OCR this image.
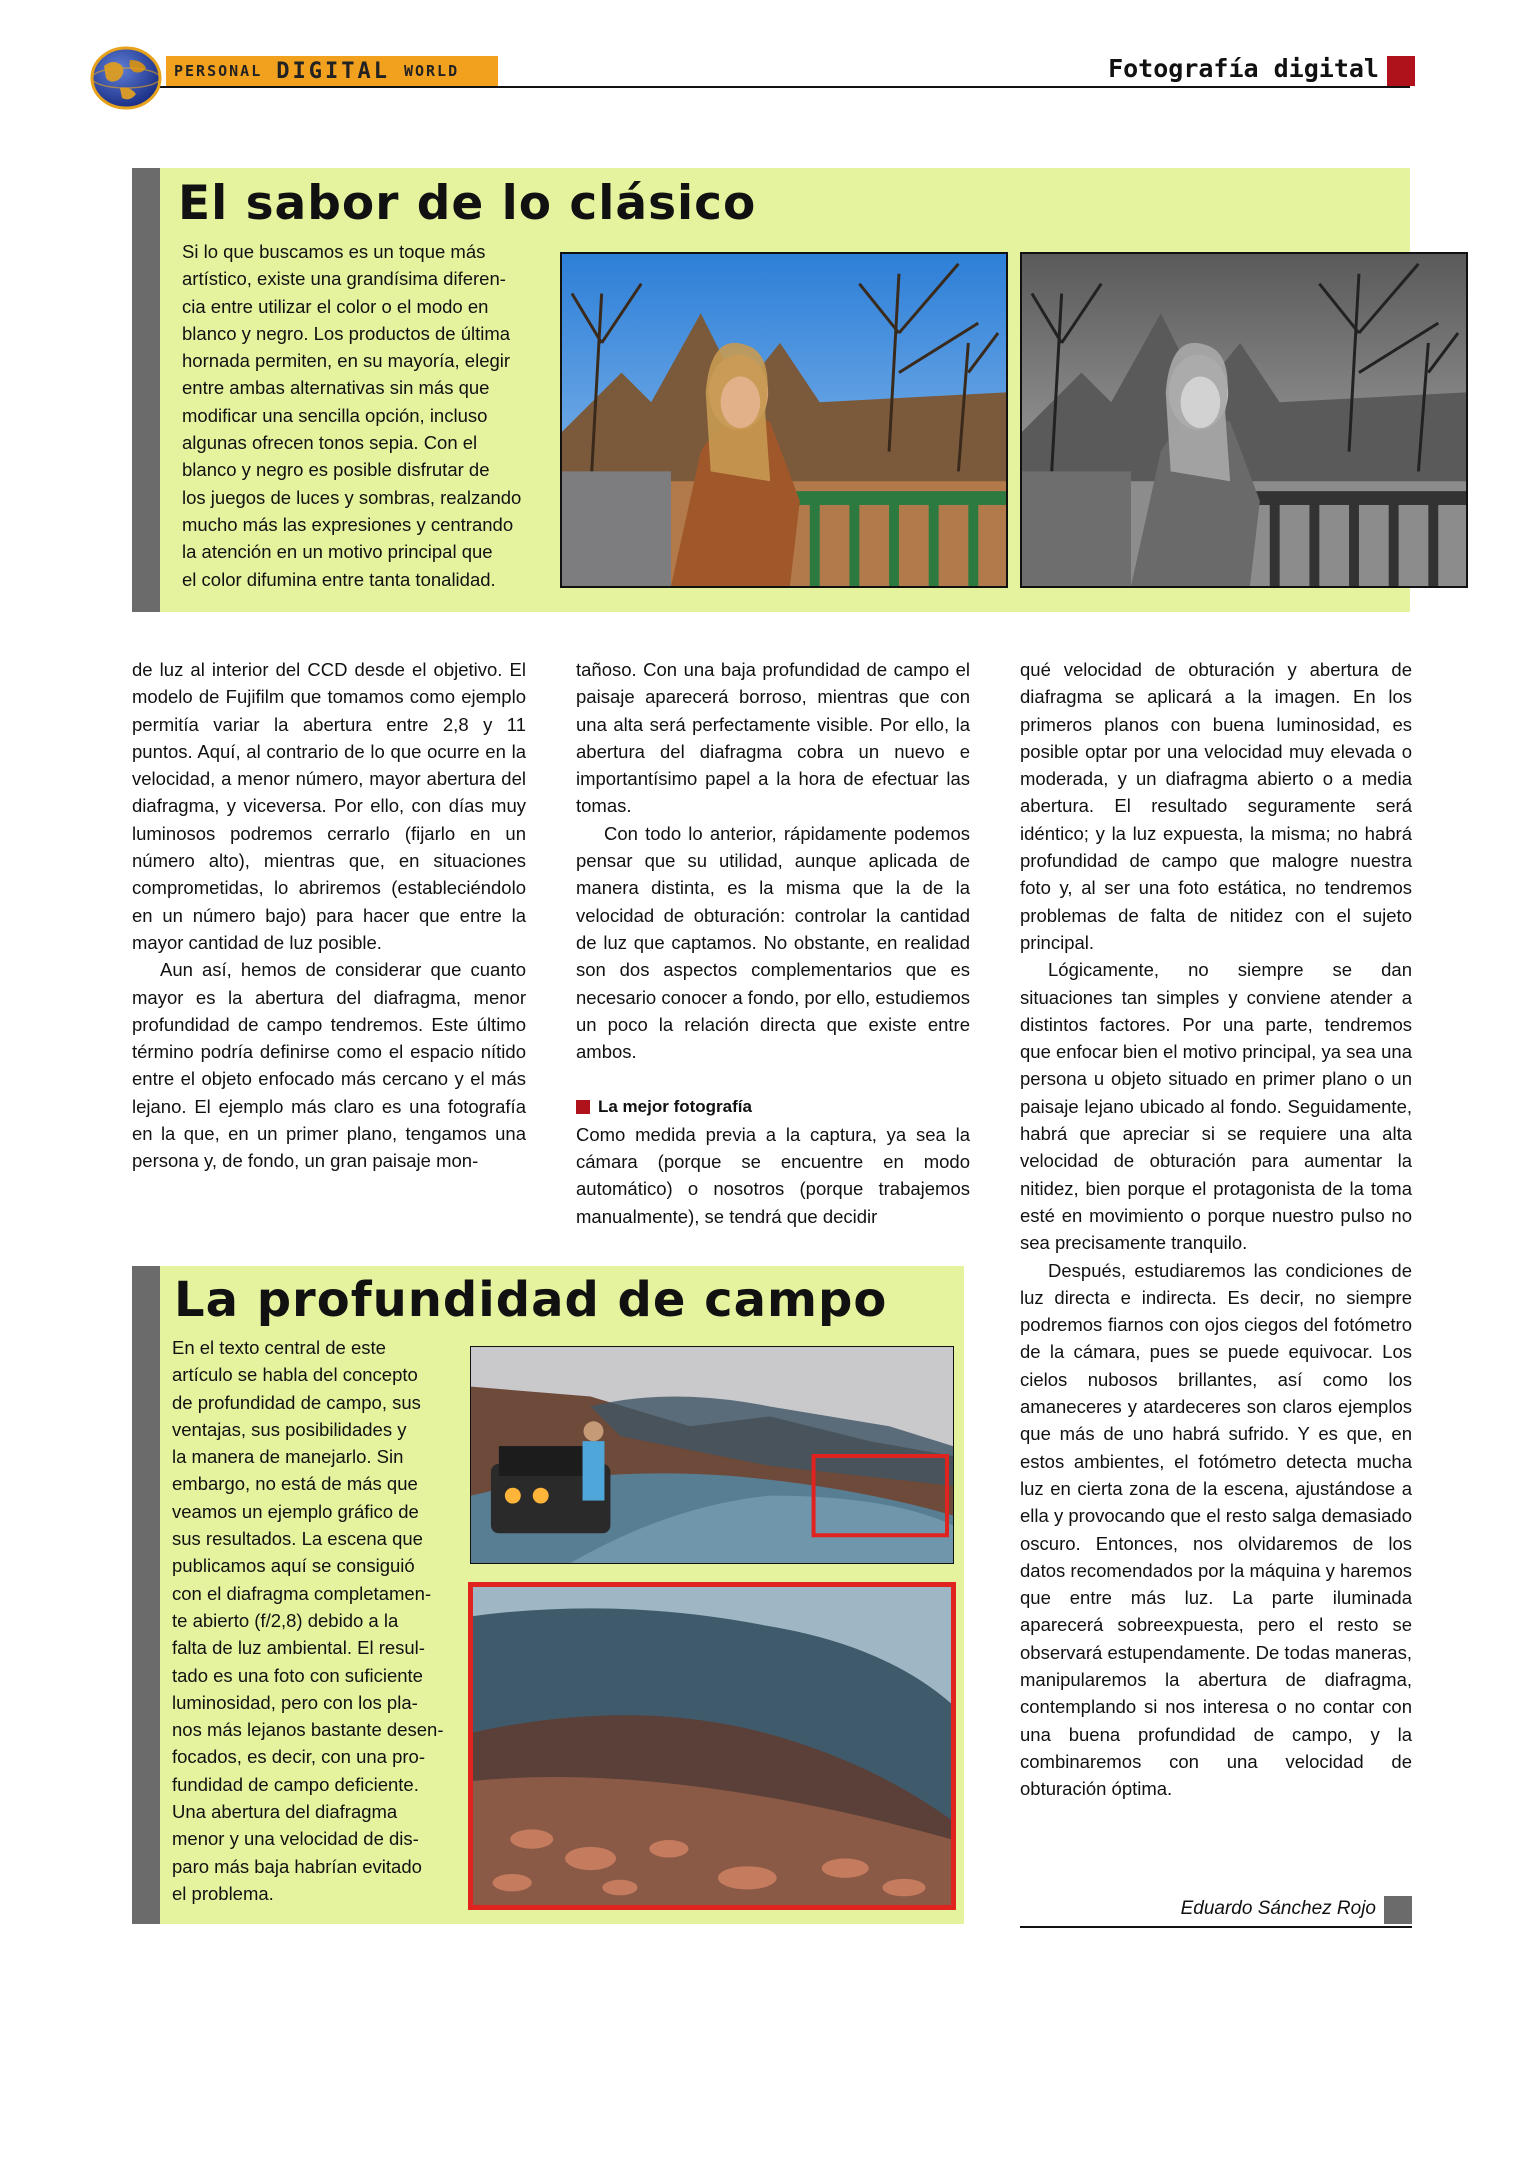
PERSONAL DIGITAL WORLD	Fotografía digital
El sabor de lo clásico
Si lo que buscamos es un toque más
artístico, existe una grandísima diferen-
cia entre utilizar el color o el modo en
blanco y negro. Los productos de última
hornada permiten, en su mayoría, elegir
entre ambas alternativas sin más que
modificar una sencilla opción, incluso
algunas ofrecen tonos sepia. Con el
blanco y negro es posible disfrutar de
los juegos de luces y sombras, realzando
mucho más las expresiones y centrando
la atención en un motivo principal que
el color difumina entre tanta tonalidad.

de luz al interior del CCD desde el objetivo. El modelo de Fujifilm que tomamos como ejemplo permitía variar la abertura entre 2,8 y 11 puntos. Aquí, al contrario de lo que ocurre en la velocidad, a menor número, mayor abertura del diafragma, y viceversa. Por ello, con días muy luminosos podremos cerrarlo (fijarlo en un número alto), mientras que, en situaciones comprometidas, lo abriremos (estableciéndolo en un número bajo) para hacer que entre la mayor cantidad de luz posible.

Aun así, hemos de considerar que cuanto mayor es la abertura del diafragma, menor profundidad de campo tendremos. Este último término podría definirse como el espacio nítido entre el objeto enfocado más cercano y el más lejano. El ejemplo más claro es una fotografía en la que, en un primer plano, tengamos una persona y, de fondo, un gran paisaje mon-

tañoso. Con una baja profundidad de campo el paisaje aparecerá borroso, mientras que con una alta será perfectamente visible. Por ello, la abertura del diafragma cobra un nuevo e importantísimo papel a la hora de efectuar las tomas.

Con todo lo anterior, rápidamente podemos pensar que su utilidad, aunque aplicada de manera distinta, es la misma que la de la velocidad de obturación: controlar la cantidad de luz que captamos. No obstante, en realidad son dos aspectos complementarios que es necesario conocer a fondo, por ello, estudiemos un poco la relación directa que existe entre ambos.

La mejor fotografía

Como medida previa a la captura, ya sea la cámara (porque se encuentre en modo automático) o nosotros (porque trabajemos manualmente), se tendrá que decidir

qué velocidad de obturación y abertura de diafragma se aplicará a la imagen. En los primeros planos con buena luminosidad, es posible optar por una velocidad muy elevada o moderada, y un diafragma abierto o a media abertura. El resultado seguramente será idéntico; y la luz expuesta, la misma; no habrá profundidad de campo que malogre nuestra foto y, al ser una foto estática, no tendremos problemas de falta de nitidez con el sujeto principal.

Lógicamente, no siempre se dan situaciones tan simples y conviene atender a distintos factores. Por una parte, tendremos que enfocar bien el motivo principal, ya sea una persona u objeto situado en primer plano o un paisaje lejano ubicado al fondo. Seguidamente, habrá que apreciar si se requiere una alta velocidad de obturación para aumentar la nitidez, bien porque el protagonista de la toma esté en movimiento o porque nuestro pulso no sea precisamente tranquilo.

Después, estudiaremos las condiciones de luz directa e indirecta. Es decir, no siempre podremos fiarnos con ojos ciegos del fotómetro de la cámara, pues se puede equivocar. Los cielos nubosos brillantes, así como los amaneceres y atardeceres son claros ejemplos que más de uno habrá sufrido. Y es que, en estos ambientes, el fotómetro detecta mucha luz en cierta zona de la escena, ajustándose a ella y provocando que el resto salga demasiado oscuro. Entonces, nos olvidaremos de los datos recomendados por la máquina y haremos que entre más luz. La parte iluminada aparecerá sobreexpuesta, pero el resto se observará estupendamente. De todas maneras, manipularemos la abertura de diafragma, contemplando si nos interesa o no contar con una buena profundidad de campo, y la combinaremos con una velocidad de obturación óptima.

Eduardo Sánchez Rojo
La profundidad de campo
En el texto central de este
artículo se habla del concepto
de profundidad de campo, sus
ventajas, sus posibilidades y
la manera de manejarlo. Sin
embargo, no está de más que
veamos un ejemplo gráfico de
sus resultados. La escena que
publicamos aquí se consiguió
con el diafragma completamen-
te abierto (f/2,8) debido a la
falta de luz ambiental. El resul-
tado es una foto con suficiente
luminosidad, pero con los pla-
nos más lejanos bastante desen-
focados, es decir, con una pro-
fundidad de campo deficiente.
Una abertura del diafragma
menor y una velocidad de dis-
paro más baja habrían evitado
el problema.
